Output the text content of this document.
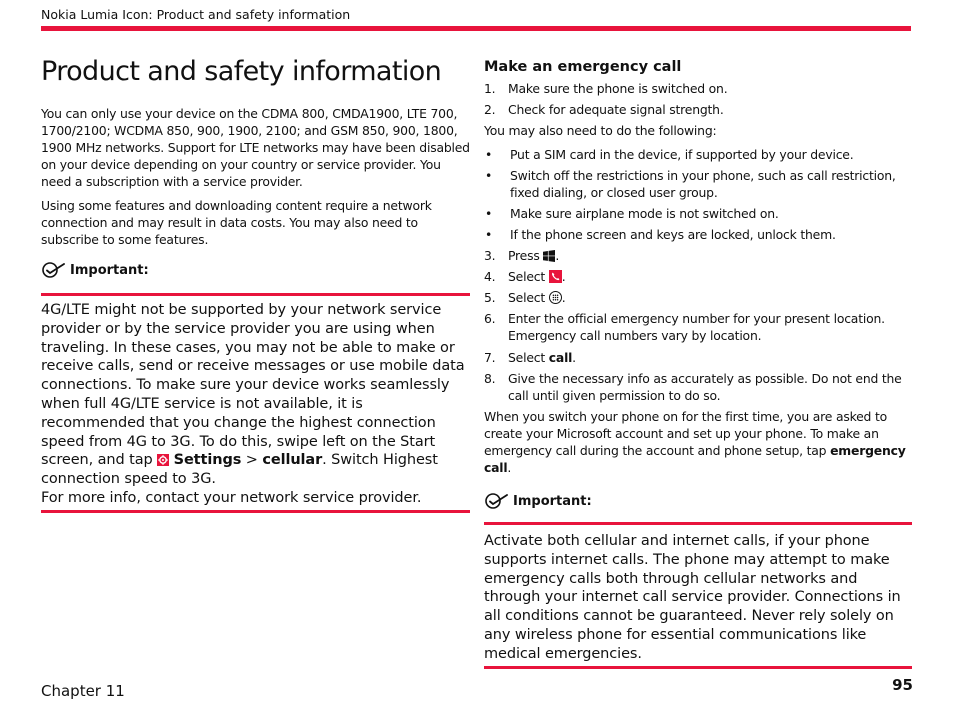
Nokia Lumia Icon: Product and safety information
Product and safety information

You can only use your device on the CDMA 800, CMDA1900, LTE 700, 1700/2100; WCDMA 850, 900, 1900, 2100; and GSM 850, 900, 1800, 1900 MHz networks. Support for LTE networks may have been disabled on your device depending on your country or service provider. You need a subscription with a service provider.

Using some features and downloading content require a network connection and may result in data costs. You may also need to subscribe to some features.

Important:
4G/LTE might not be supported by your network service provider or by the service provider you are using when traveling. In these cases, you may not be able to make or receive calls, send or receive messages or use mobile data connections. To make sure your device works seamlessly when full 4G/LTE service is not available, it is recommended that you change the highest connection speed from 4G to 3G. To do this, swipe left on the Start screen, and tap  Settings > cellular. Switch Highest connection speed to 3G.
For more info, contact your network service provider.
Make an emergency call
1. Make sure the phone is switched on.
2. Check for adequate signal strength.

You may also need to do the following:

• Put a SIM card in the device, if supported by your device.
• Switch off the restrictions in your phone, such as call restriction, fixed dialing, or closed user group.
• Make sure airplane mode is not switched on.
• If the phone screen and keys are locked, unlock them.
3. Press .
4. Select .
5. Select .
6. Enter the official emergency number for your present location. Emergency call numbers vary by location.
7. Select call.
8. Give the necessary info as accurately as possible. Do not end the call until given permission to do so.

When you switch your phone on for the first time, you are asked to create your Microsoft account and set up your phone. To make an emergency call during the account and phone setup, tap emergency call.

Important:

Activate both cellular and internet calls, if your phone supports internet calls. The phone may attempt to make emergency calls both through cellular networks and through your internet call service provider. Connections in all conditions cannot be guaranteed. Never rely solely on any wireless phone for essential communications like medical emergencies.

Chapter 11	95
